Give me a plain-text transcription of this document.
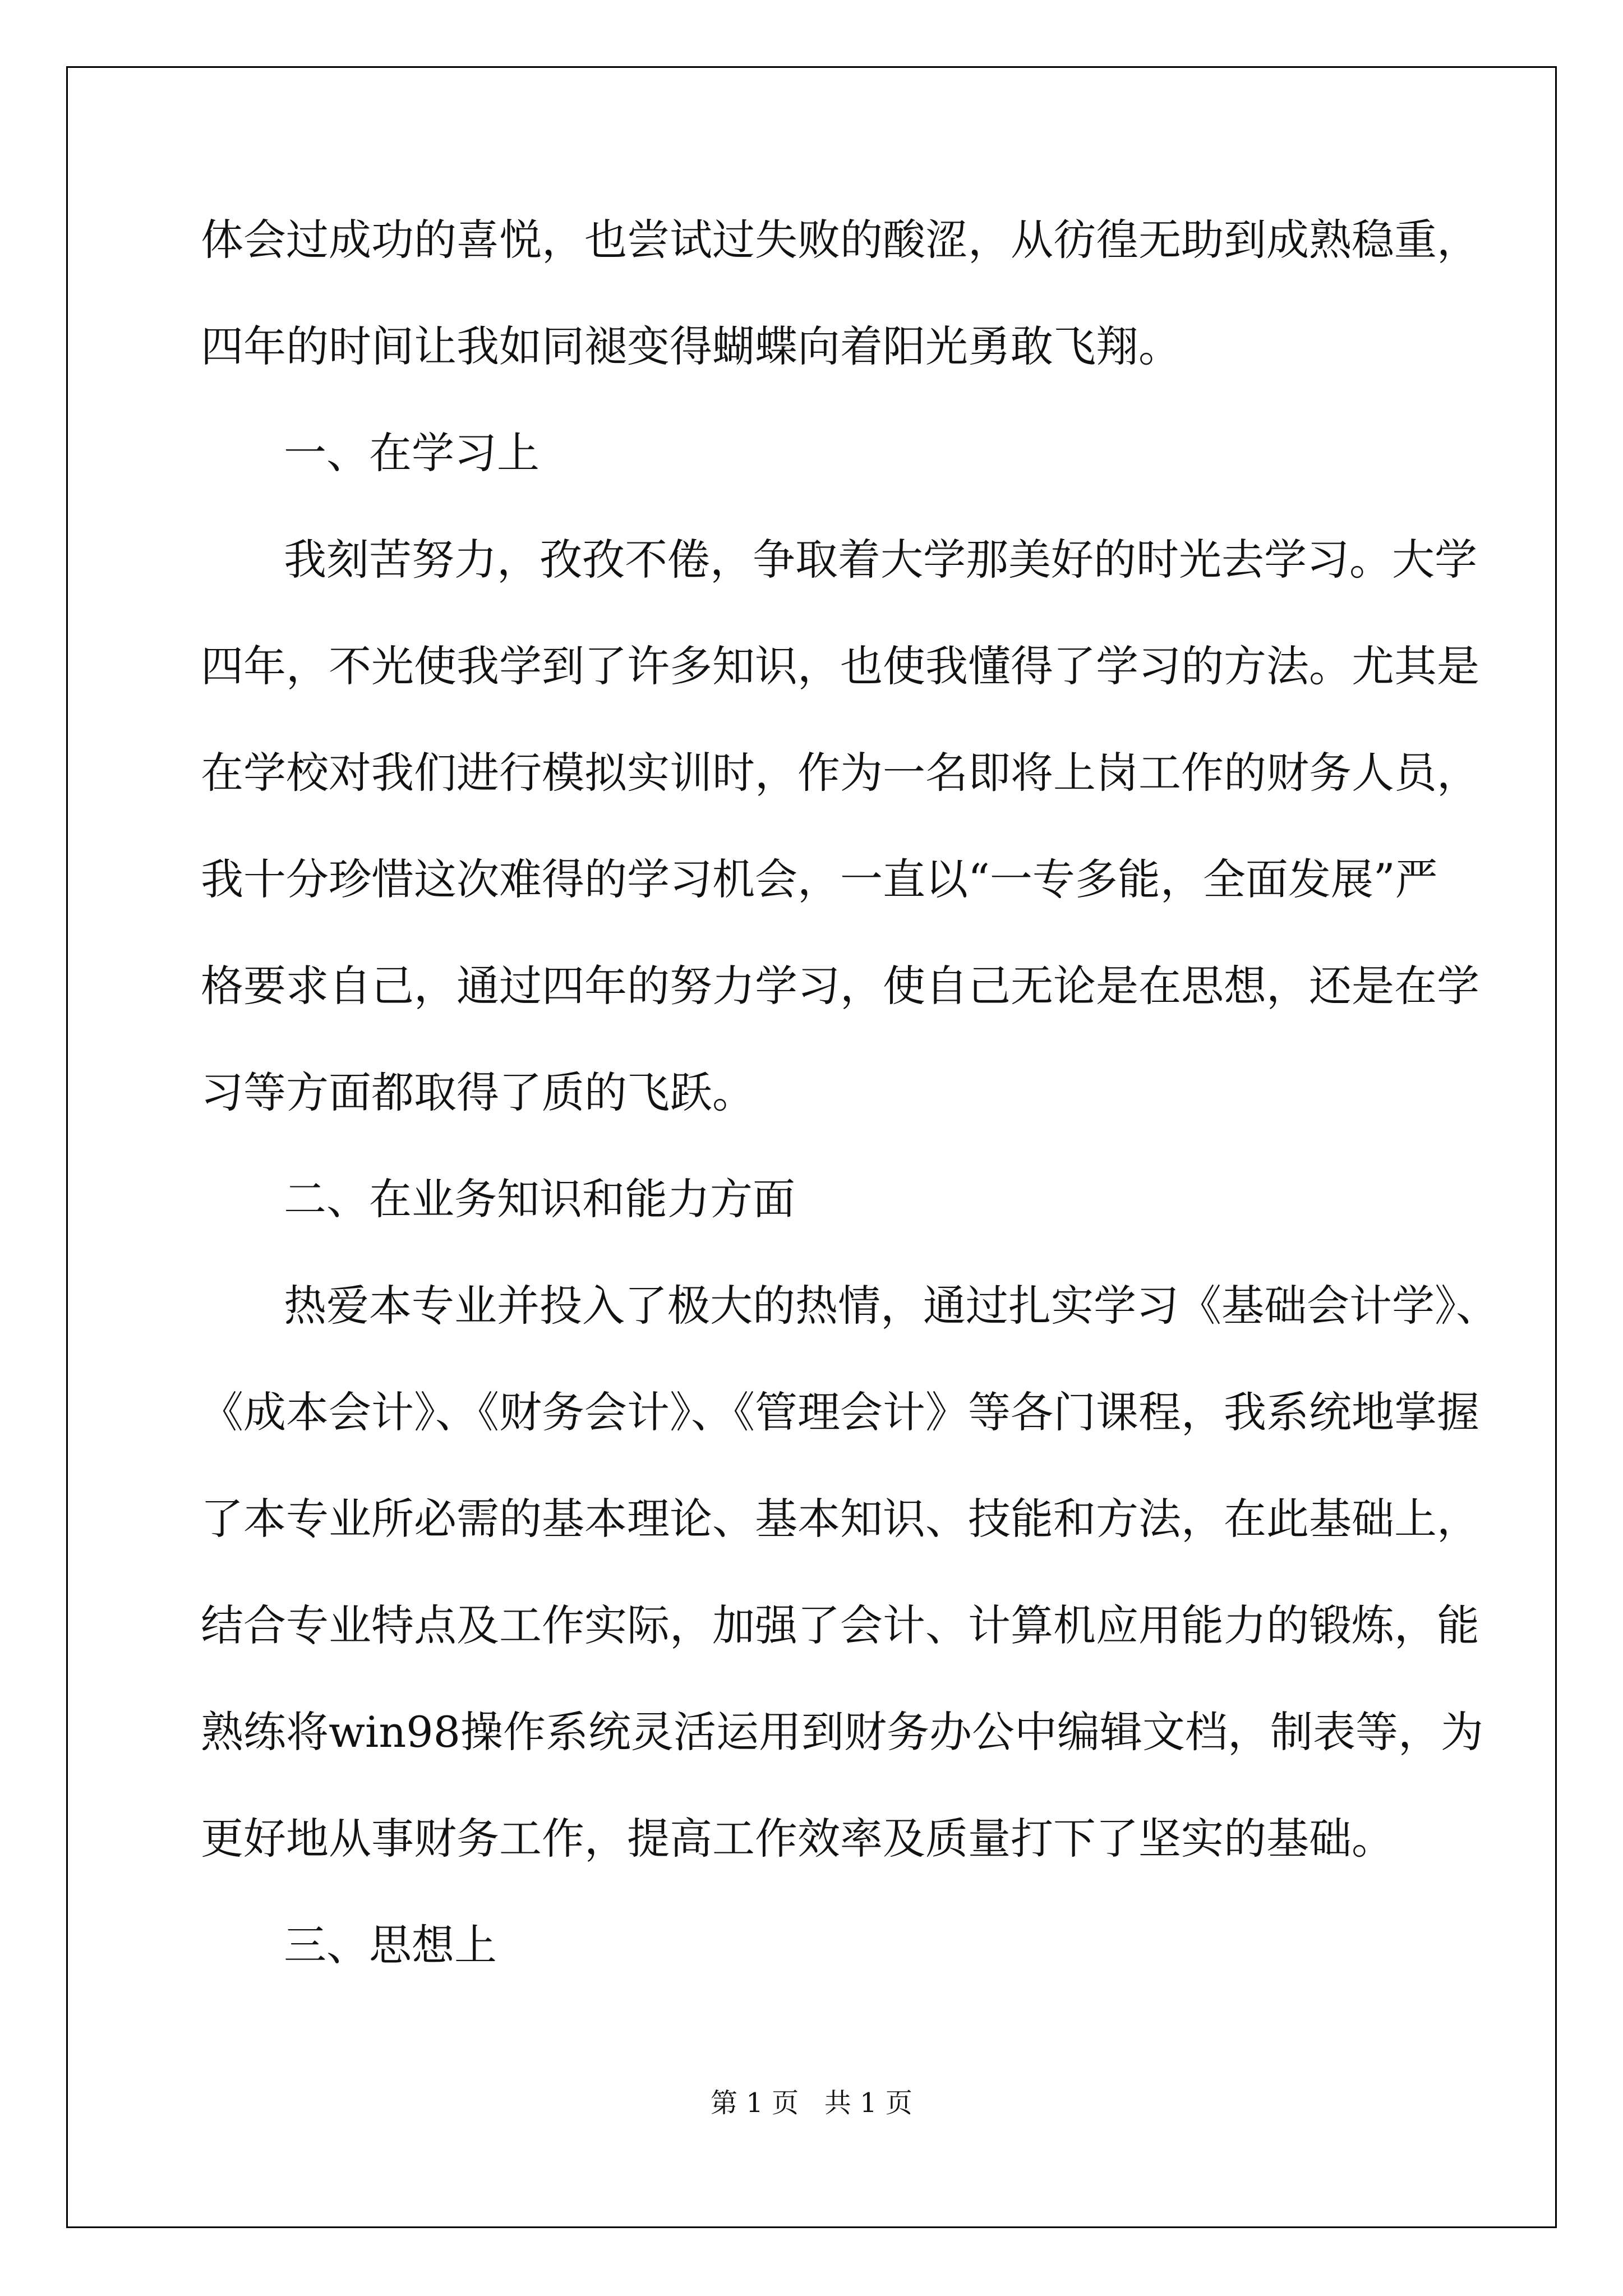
体会过成功的喜悦，也尝试过失败的酸涩，从彷徨无助到成熟稳重，
四年的时间让我如同褪变得蝴蝶向着阳光勇敢飞翔。
一、在学习上
我刻苦努力，孜孜不倦，争取着大学那美好的时光去学习。大学
四年，不光使我学到了许多知识，也使我懂得了学习的方法。尤其是
在学校对我们进行模拟实训时，作为一名即将上岗工作的财务人员，
我十分珍惜这次难得的学习机会，一直以“一专多能，全面发展”严
格要求自己，通过四年的努力学习，使自己无论是在思想，还是在学
习等方面都取得了质的飞跃。
二、在业务知识和能力方面
热爱本专业并投入了极大的热情，通过扎实学习《基础会计学》、
《成本会计》、《财务会计》、《管理会计》等各门课程，我系统地掌握
了本专业所必需的基本理论、基本知识、技能和方法，在此基础上，
结合专业特点及工作实际，加强了会计、计算机应用能力的锻炼，能
熟练将win98操作系统灵活运用到财务办公中编辑文档，制表等，为
更好地从事财务工作，提高工作效率及质量打下了坚实的基础。
三、思想上
第 1 页   共 1 页
